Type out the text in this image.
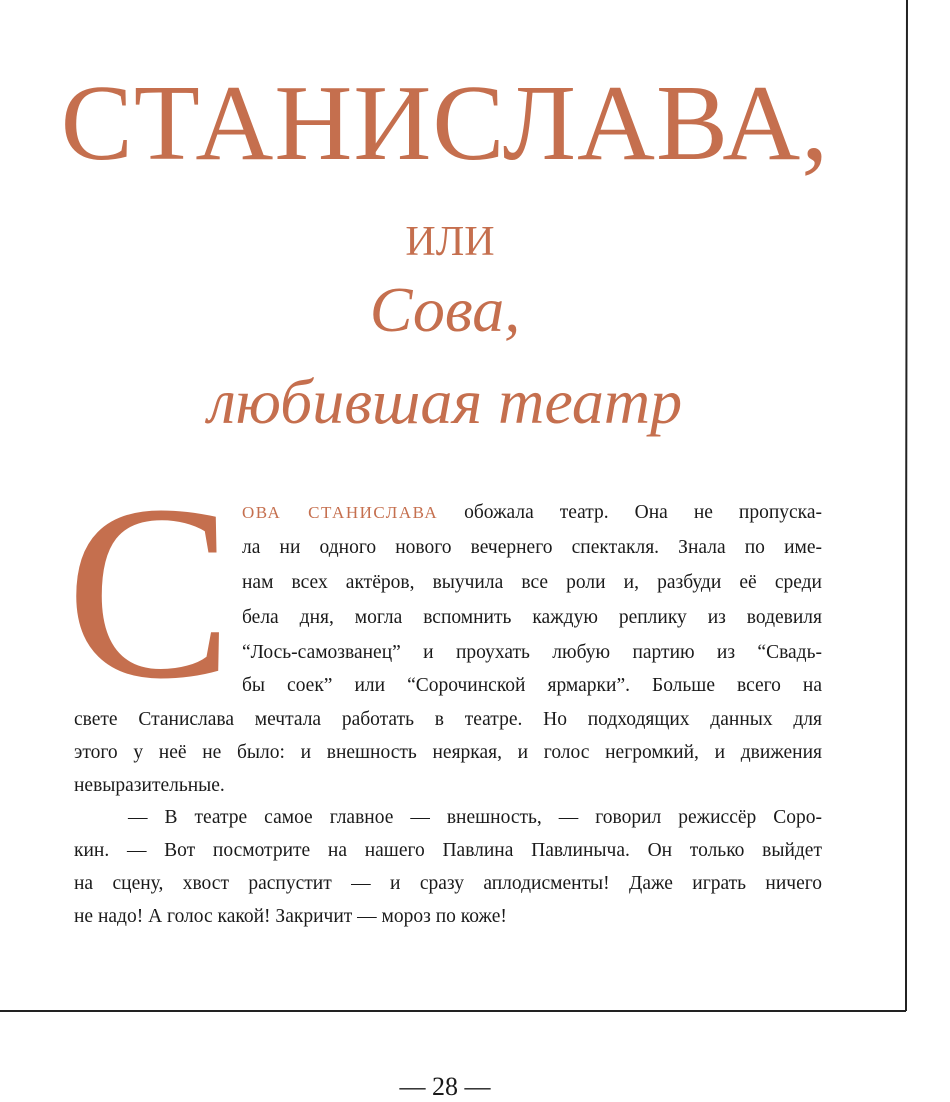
СТАНИСЛАВА,
или
Сова,
любившая театр
С ОВА СТАНИСЛАВА обожала театр. Она не пропуска-
ла ни одного нового вечернего спектакля. Знала по име-
нам всех актёров, выучила все роли и, разбуди её среди
бела дня, могла вспомнить каждую реплику из водевиля
“Лось-самозванец” и проухать любую партию из “Свадь-
бы соек” или “Сорочинской ярмарки”. Больше всего на
свете Станислава мечтала работать в театре. Но подходящих данных для
этого у неё не было: и внешность неяркая, и голос негромкий, и движения
невыразительные.
— В театре самое главное — внешность, — говорил режиссёр Соро-
кин. — Вот посмотрите на нашего Павлина Павлиныча. Он только выйдет
на сцену, хвост распустит — и сразу аплодисменты! Даже играть ничего
не надо! А голос какой! Закричит — мороз по коже!
— 28 —
